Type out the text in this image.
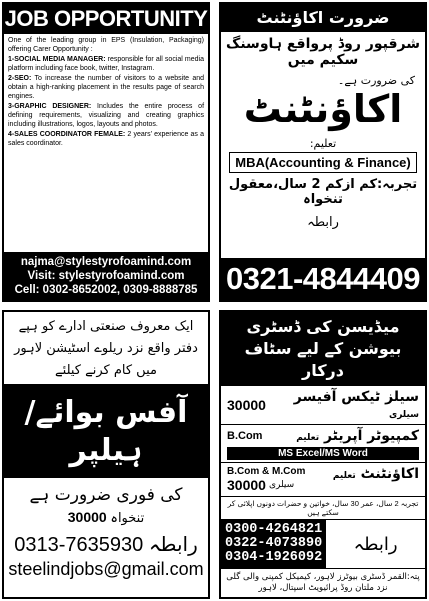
JOB OPPORTUNITY

One of the leading group in EPS (Insulation, Packaging) offering Carer Opportunity :

1-SOCIAL MEDIA MANAGER: responsible for all social media platform including face book, twitter, Instagram.

2-SEO: To increase the number of visitors to a website and obtain a high-ranking placement in the results page of search engines.

3-GRAPHIC DESIGNER: Includes the entire process of defining requirements, visualizing and creating graphics including illustrations, logos, layouts and photos.

4-SALES COORDINATOR FEMALE: 2 years' experience as a sales coordinator.

najma@stylestyrofoamind.com
Visit: stylestyrofoamind.com
Cell: 0302-8652002, 0309-8888785
ضرورت اکاؤنٹنٹ
شرقپور روڈ پرواقع ہاوسنگ سکیم میں
کی ضرورت ہے۔
اکاؤنٹنٹ
تعلیم:
MBA(Accounting & Finance)
تجربہ:کم ازکم 2 سال،معقول تنخواہ
رابطہ
0321-4844409
ایک معروف صنعتی ادارے کو ہپے دفتر واقع نزد ریلوے اسٹیشن لاہور میں کام کرنے کیلئے
آفس بوائے/ہیلپر
کی فوری ضرورت ہے
30000 تنخواہ
0313-7635930 رابطہ
steelindjobs@gmail.com
میڈیسن کی ڈسٹری بیوشن کے لیے سٹاف درکار
30000	سیلز ٹیکس آفیسر سیلری
B.Com	کمپیوٹر آپریٹر تعلیم
MS Excel/MS Word
B.Com & M.Com
30000 سیلری
اکاؤنٹنٹ تعلیم
تجربہ 2 سال، عمر 30 سال، خواتین و حضرات دونوں اپلائی کر سکتے ہیں
0300-4264821
0322-4073890
0304-1926092
رابطہ
پتہ:القمر ڈسٹری بیوٹرز لاہور، کیمیکل کمپنی والی گلی نزد ملتان روڈ پرائیویٹ اسپتال، لاہور
